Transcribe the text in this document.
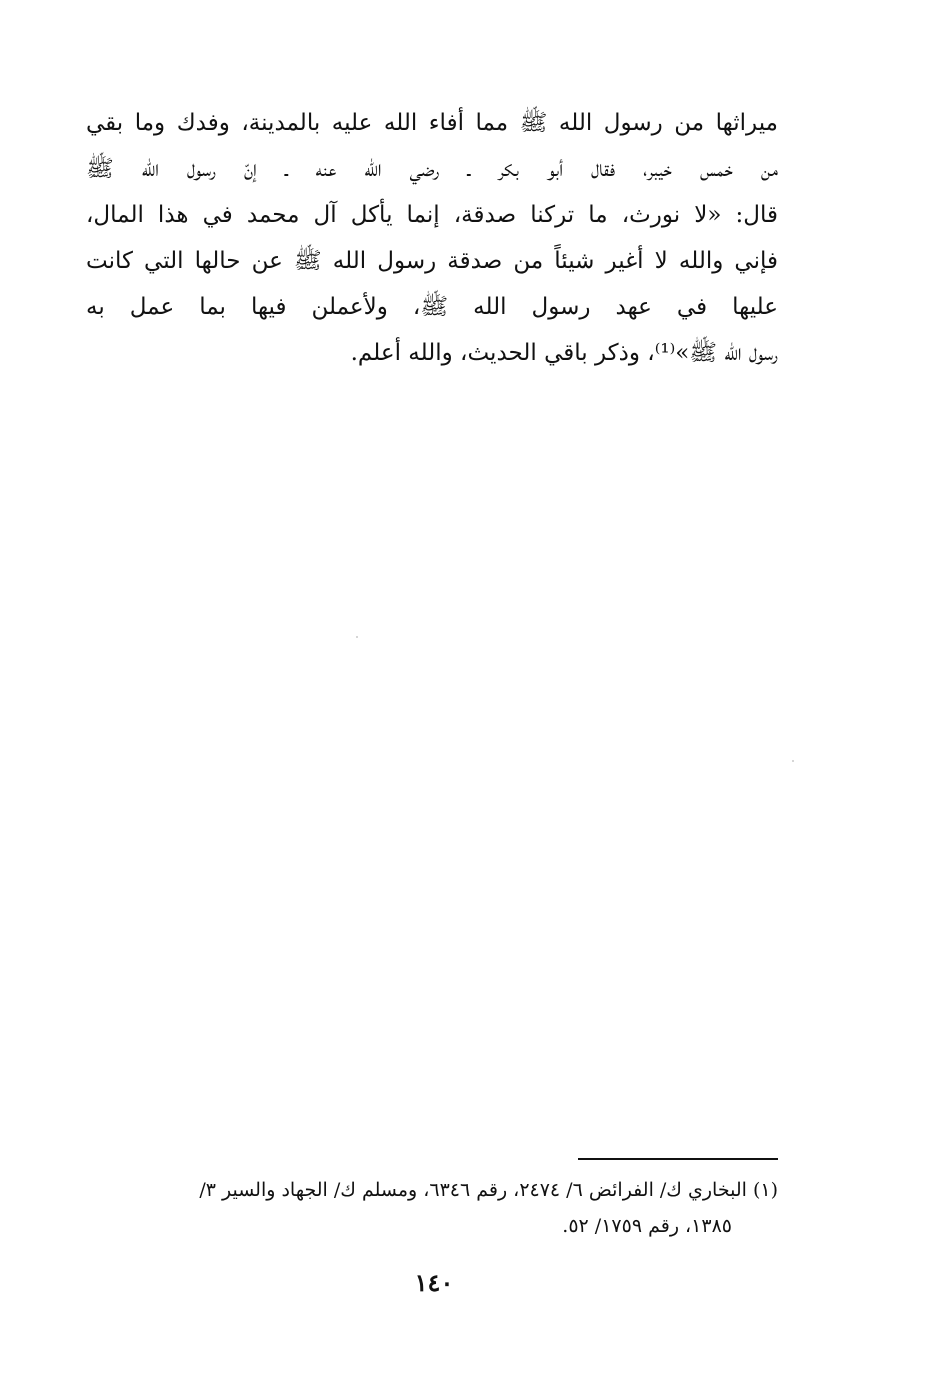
ميراثها من رسول الله ﷺ مما أفاء الله عليه بالمدينة، وفدك وما بقي
من خمس خيبر، فقال أبو بكر ـ رضي الله عنه ـ إنّ رسول الله ﷺ
قال: «لا نورث، ما تركنا صدقة، إنما يأكل آل محمد في هذا المال،
فإني والله لا أغير شيئاً من صدقة رسول الله ﷺ عن حالها التي كانت
عليها في عهد رسول الله ﷺ، ولأعملن فيها بما عمل به
رسول الله ﷺ»⁽¹⁾، وذكر باقي الحديث، والله أعلم.
(١) البخاري ك/ الفرائض ٦/ ٢٤٧٤، رقم ٦٣٤٦، ومسلم ك/ الجهاد والسير ٣/
١٣٨٥، رقم ١٧٥٩/ ٥٢.
١٤٠
